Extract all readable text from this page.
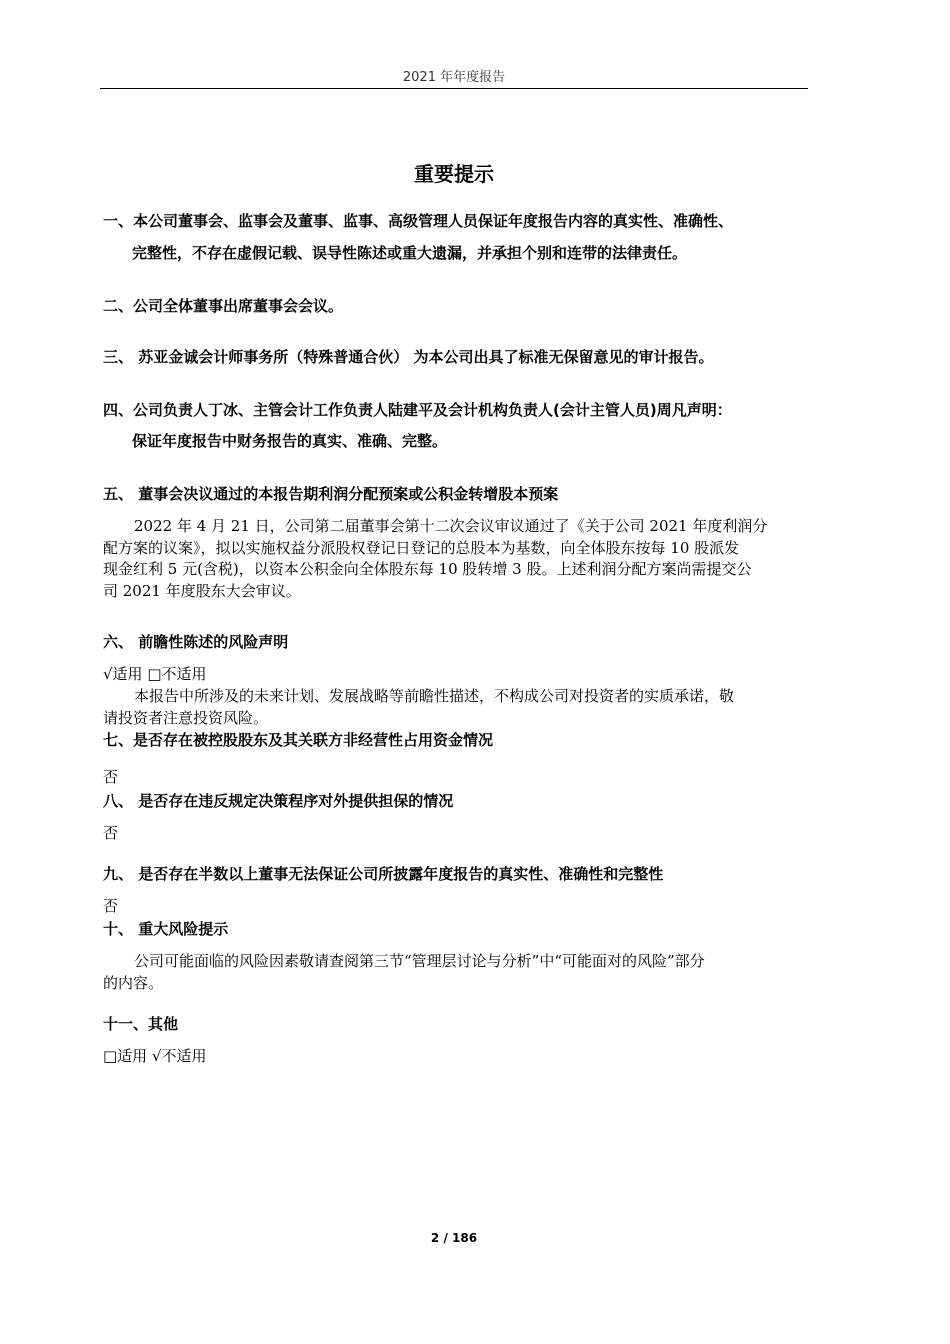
2021 年年度报告
重要提示
一、本公司董事会、监事会及董事、监事、高级管理人员保证年度报告内容的真实性、准确性、
完整性，不存在虚假记载、误导性陈述或重大遗漏，并承担个别和连带的法律责任。
二、公司全体董事出席董事会会议。
三、 苏亚金诚会计师事务所（特殊普通合伙） 为本公司出具了标准无保留意见的审计报告。
四、公司负责人丁冰、主管会计工作负责人陆建平及会计机构负责人(会计主管人员)周凡声明：
保证年度报告中财务报告的真实、准确、完整。
五、 董事会决议通过的本报告期利润分配预案或公积金转增股本预案
2022 年 4 月 21 日，公司第二届董事会第十二次会议审议通过了《关于公司 2021 年度利润分
配方案的议案》，拟以实施权益分派股权登记日登记的总股本为基数，向全体股东按每 10 股派发
现金红利 5 元(含税)，以资本公积金向全体股东每 10 股转增 3 股。上述利润分配方案尚需提交公
司 2021 年度股东大会审议。
六、 前瞻性陈述的风险声明
√适用 □不适用
本报告中所涉及的未来计划、发展战略等前瞻性描述，不构成公司对投资者的实质承诺，敬
请投资者注意投资风险。
七、是否存在被控股股东及其关联方非经营性占用资金情况
否
八、 是否存在违反规定决策程序对外提供担保的情况
否
九、 是否存在半数以上董事无法保证公司所披露年度报告的真实性、准确性和完整性
否
十、 重大风险提示
公司可能面临的风险因素敬请查阅第三节“管理层讨论与分析”中“可能面对的风险”部分
的内容。
十一、其他
□适用 √不适用
2 / 186
